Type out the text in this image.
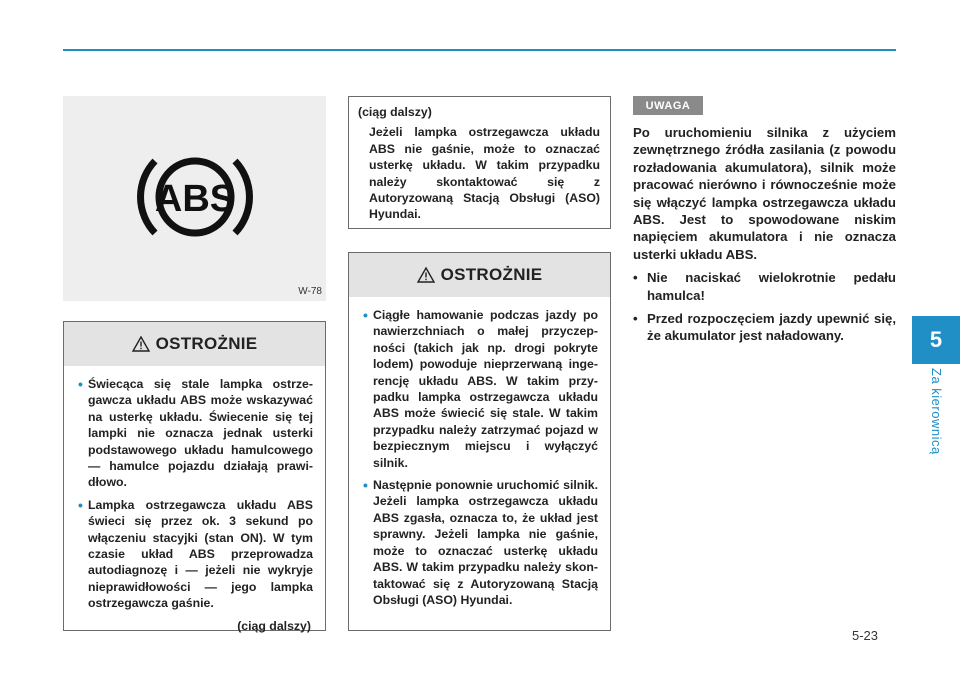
5
Za kierownicą
ABS
W-78
OSTROŻNIE
• Świecąca się stale lampka ostrzegawcza układu ABS może wskazywać na usterkę układu. Świecenie się tej lampki nie oznacza jednak usterki podstawowego układu hamulcowego — hamulce pojazdu działają prawidłowo.
• Lampka ostrzegawcza układu ABS świeci się przez ok. 3 sekund po włączeniu stacyjki (stan ON). W tym czasie układ ABS przeprowadza autodiagnozę i — jeżeli nie wykryje nieprawidłowości — jego lampka ostrzegawcza gaśnie.
(ciąg dalszy)
(ciąg dalszy)
Jeżeli lampka ostrzegawcza układu ABS nie gaśnie, może to oznaczać usterkę układu. W takim przypadku należy skontaktować się z Autoryzowaną Stacją Obsługi (ASO) Hyundai.
OSTROŻNIE
• Ciągłe hamowanie podczas jazdy po nawierzchniach o małej przyczepności (takich jak np. drogi pokryte lodem) powoduje nieprzerwaną ingerencję układu ABS. W takim przypadku lampka ostrzegawcza układu ABS może świecić się stale. W takim przypadku należy zatrzymać pojazd w bezpiecznym miejscu i wyłączyć silnik.
• Następnie ponownie uruchomić silnik. Jeżeli lampka ostrzegawcza układu ABS zgasła, oznacza to, że układ jest sprawny. Jeżeli lampka nie gaśnie, może to oznaczać usterkę układu ABS. W takim przypadku należy skontaktować się z Autoryzowaną Stacją Obsługi (ASO) Hyundai.
UWAGA
Po uruchomieniu silnika z użyciem zewnętrznego źródła zasilania (z powodu rozładowania akumulatora), silnik może pracować nierówno i równocześnie może się włączyć lampka ostrzegawcza układu ABS. Jest to spowodowane niskim napięciem akumulatora i nie oznacza usterki układu ABS.
• Nie naciskać wielokrotnie pedału hamulca!
• Przed rozpoczęciem jazdy upewnić się, że akumulator jest naładowany.
5-23
